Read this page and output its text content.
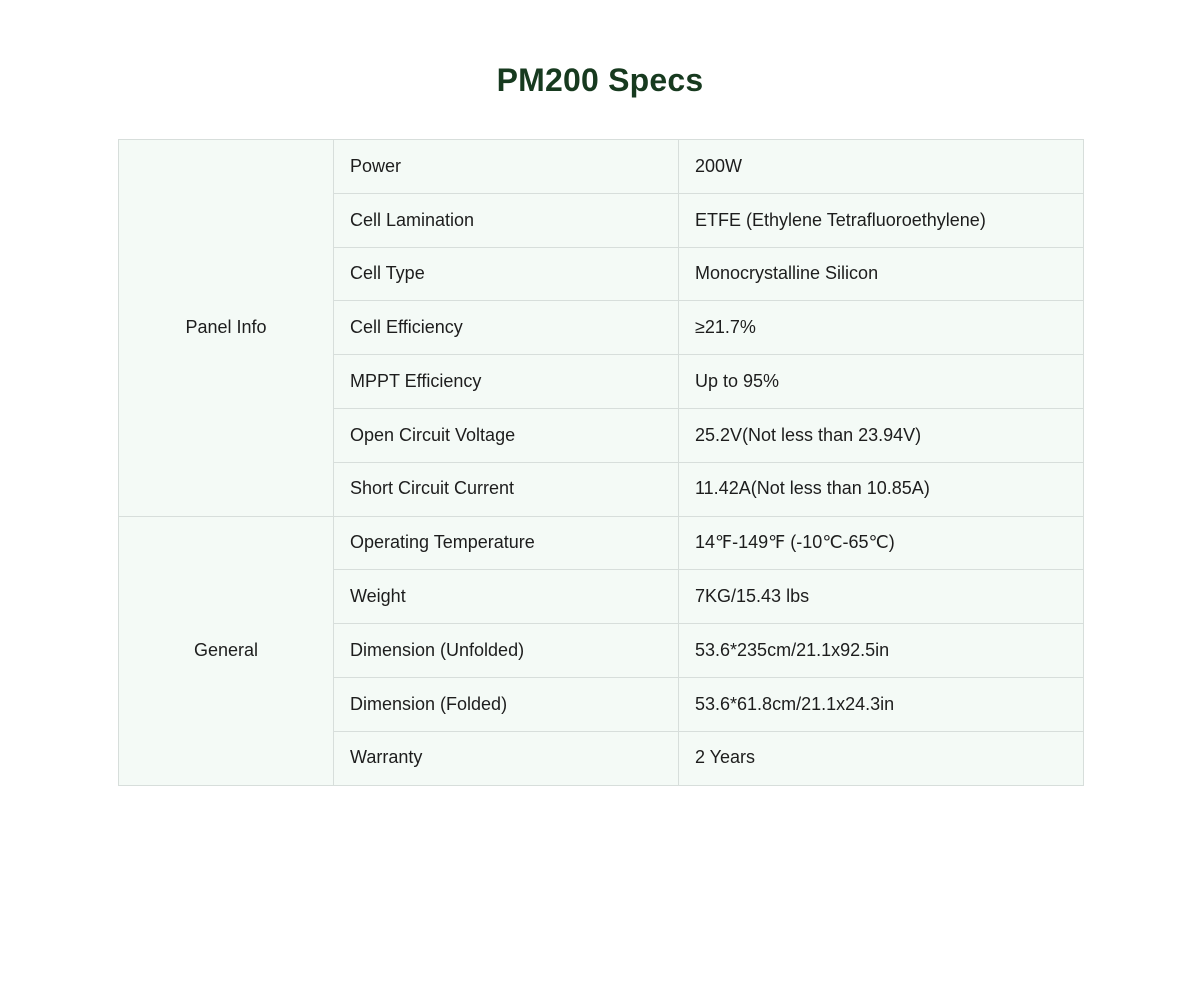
PM200 Specs
Panel Info	Power	200W
	Cell Lamination	ETFE (Ethylene Tetrafluoroethylene)
	Cell Type	Monocrystalline Silicon
	Cell Efficiency	≥21.7%
	MPPT Efficiency	Up to 95%
	Open Circuit Voltage	25.2V(Not less than 23.94V)
	Short Circuit Current	11.42A(Not less than 10.85A)
General	Operating Temperature	14℉-149℉ (-10℃-65℃)
	Weight	7KG/15.43 lbs
	Dimension (Unfolded)	53.6*235cm/21.1x92.5in
	Dimension (Folded)	53.6*61.8cm/21.1x24.3in
	Warranty	2 Years
